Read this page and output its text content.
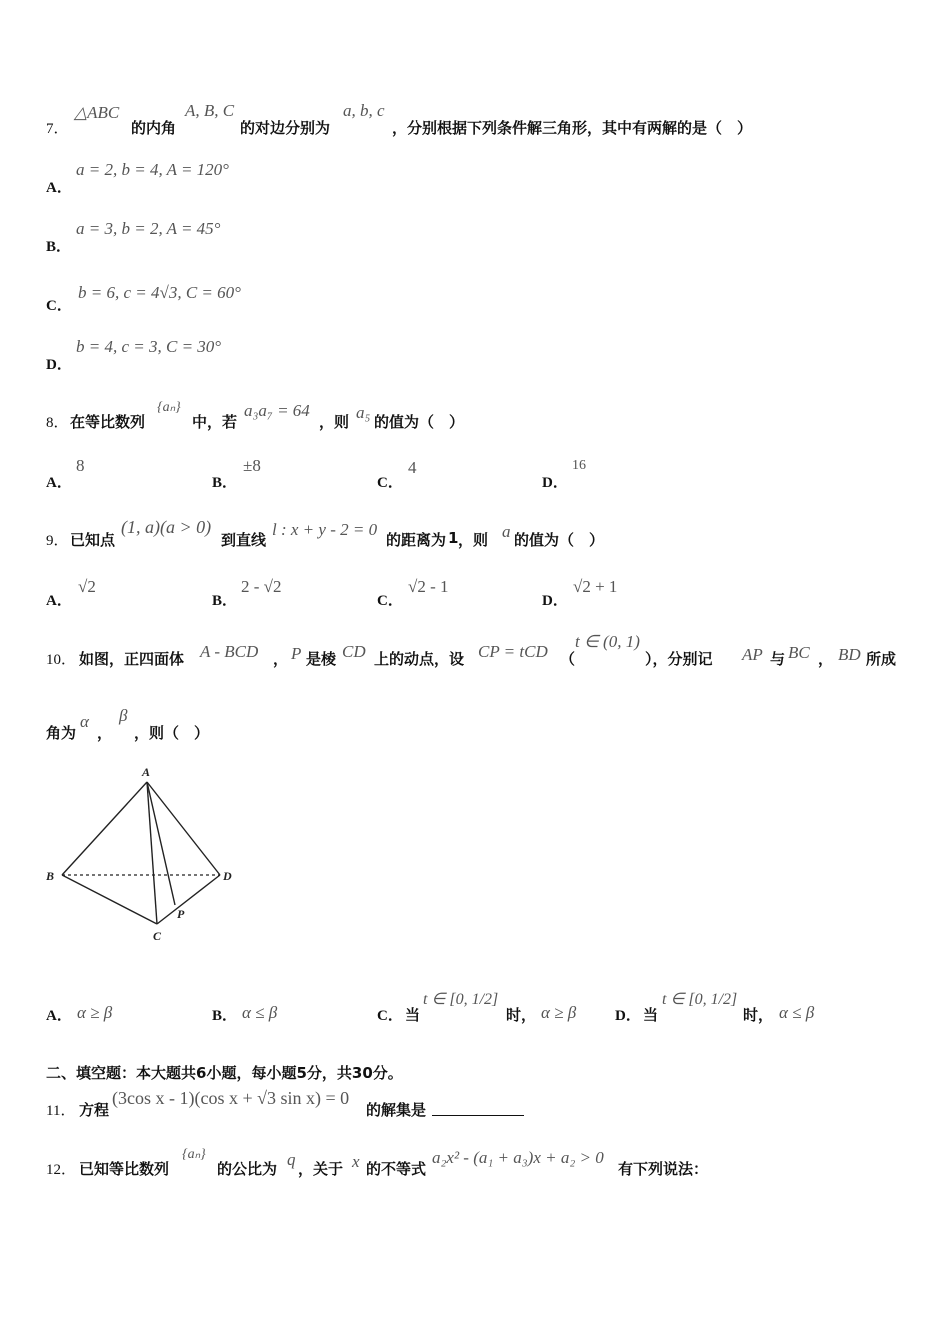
7．
△ABC
的内角
A, B, C
的对边分别为
a, b, c
，分别根据下列条件解三角形，其中有两解的是（　）
A．
a = 2, b = 4, A = 120°
B．
a = 3, b = 2, A = 45°
C．
b = 6, c = 4√3, C = 60°
D．
b = 4, c = 3, C = 30°
8． 在等比数列
{aₙ}
中，若
a₃a₇ = 64
，则 a₅ 的值为（　）
A．
8
B．
±8
C．
4
D．
16
9． 已知点
(1, a)(a > 0)
到直线
l : x + y - 2 = 0
的距离为 1 ，则 a 的值为（　）
A．
√2
B．
2 - √2
C．
√2 - 1
D．
√2 + 1
10． 如图，正四面体 A - BCD ， P 是棱 CD 上的动点，设 CP = tCD （
t ∈ (0, 1)
），分别记 AP 与 BC ， BD 所成
角为
α
，
β
，则（　）
A
B
C
D
P
A． α ≥ β	B． α ≤ β	C． 当
t ∈ [0, 1/2]
时， α ≥ β	D． 当
t ∈ [0, 1/2]
时， α ≤ β
二、填空题：本大题共6小题，每小题5分，共30分。
11． 方程
(3cos x - 1)(cos x + √3 sin x) = 0
的解集是
12． 已知等比数列
{aₙ}
的公比为 q ，关于 x 的不等式
a₂x² - (a₁ + a₃)x + a₂ > 0
有下列说法：
